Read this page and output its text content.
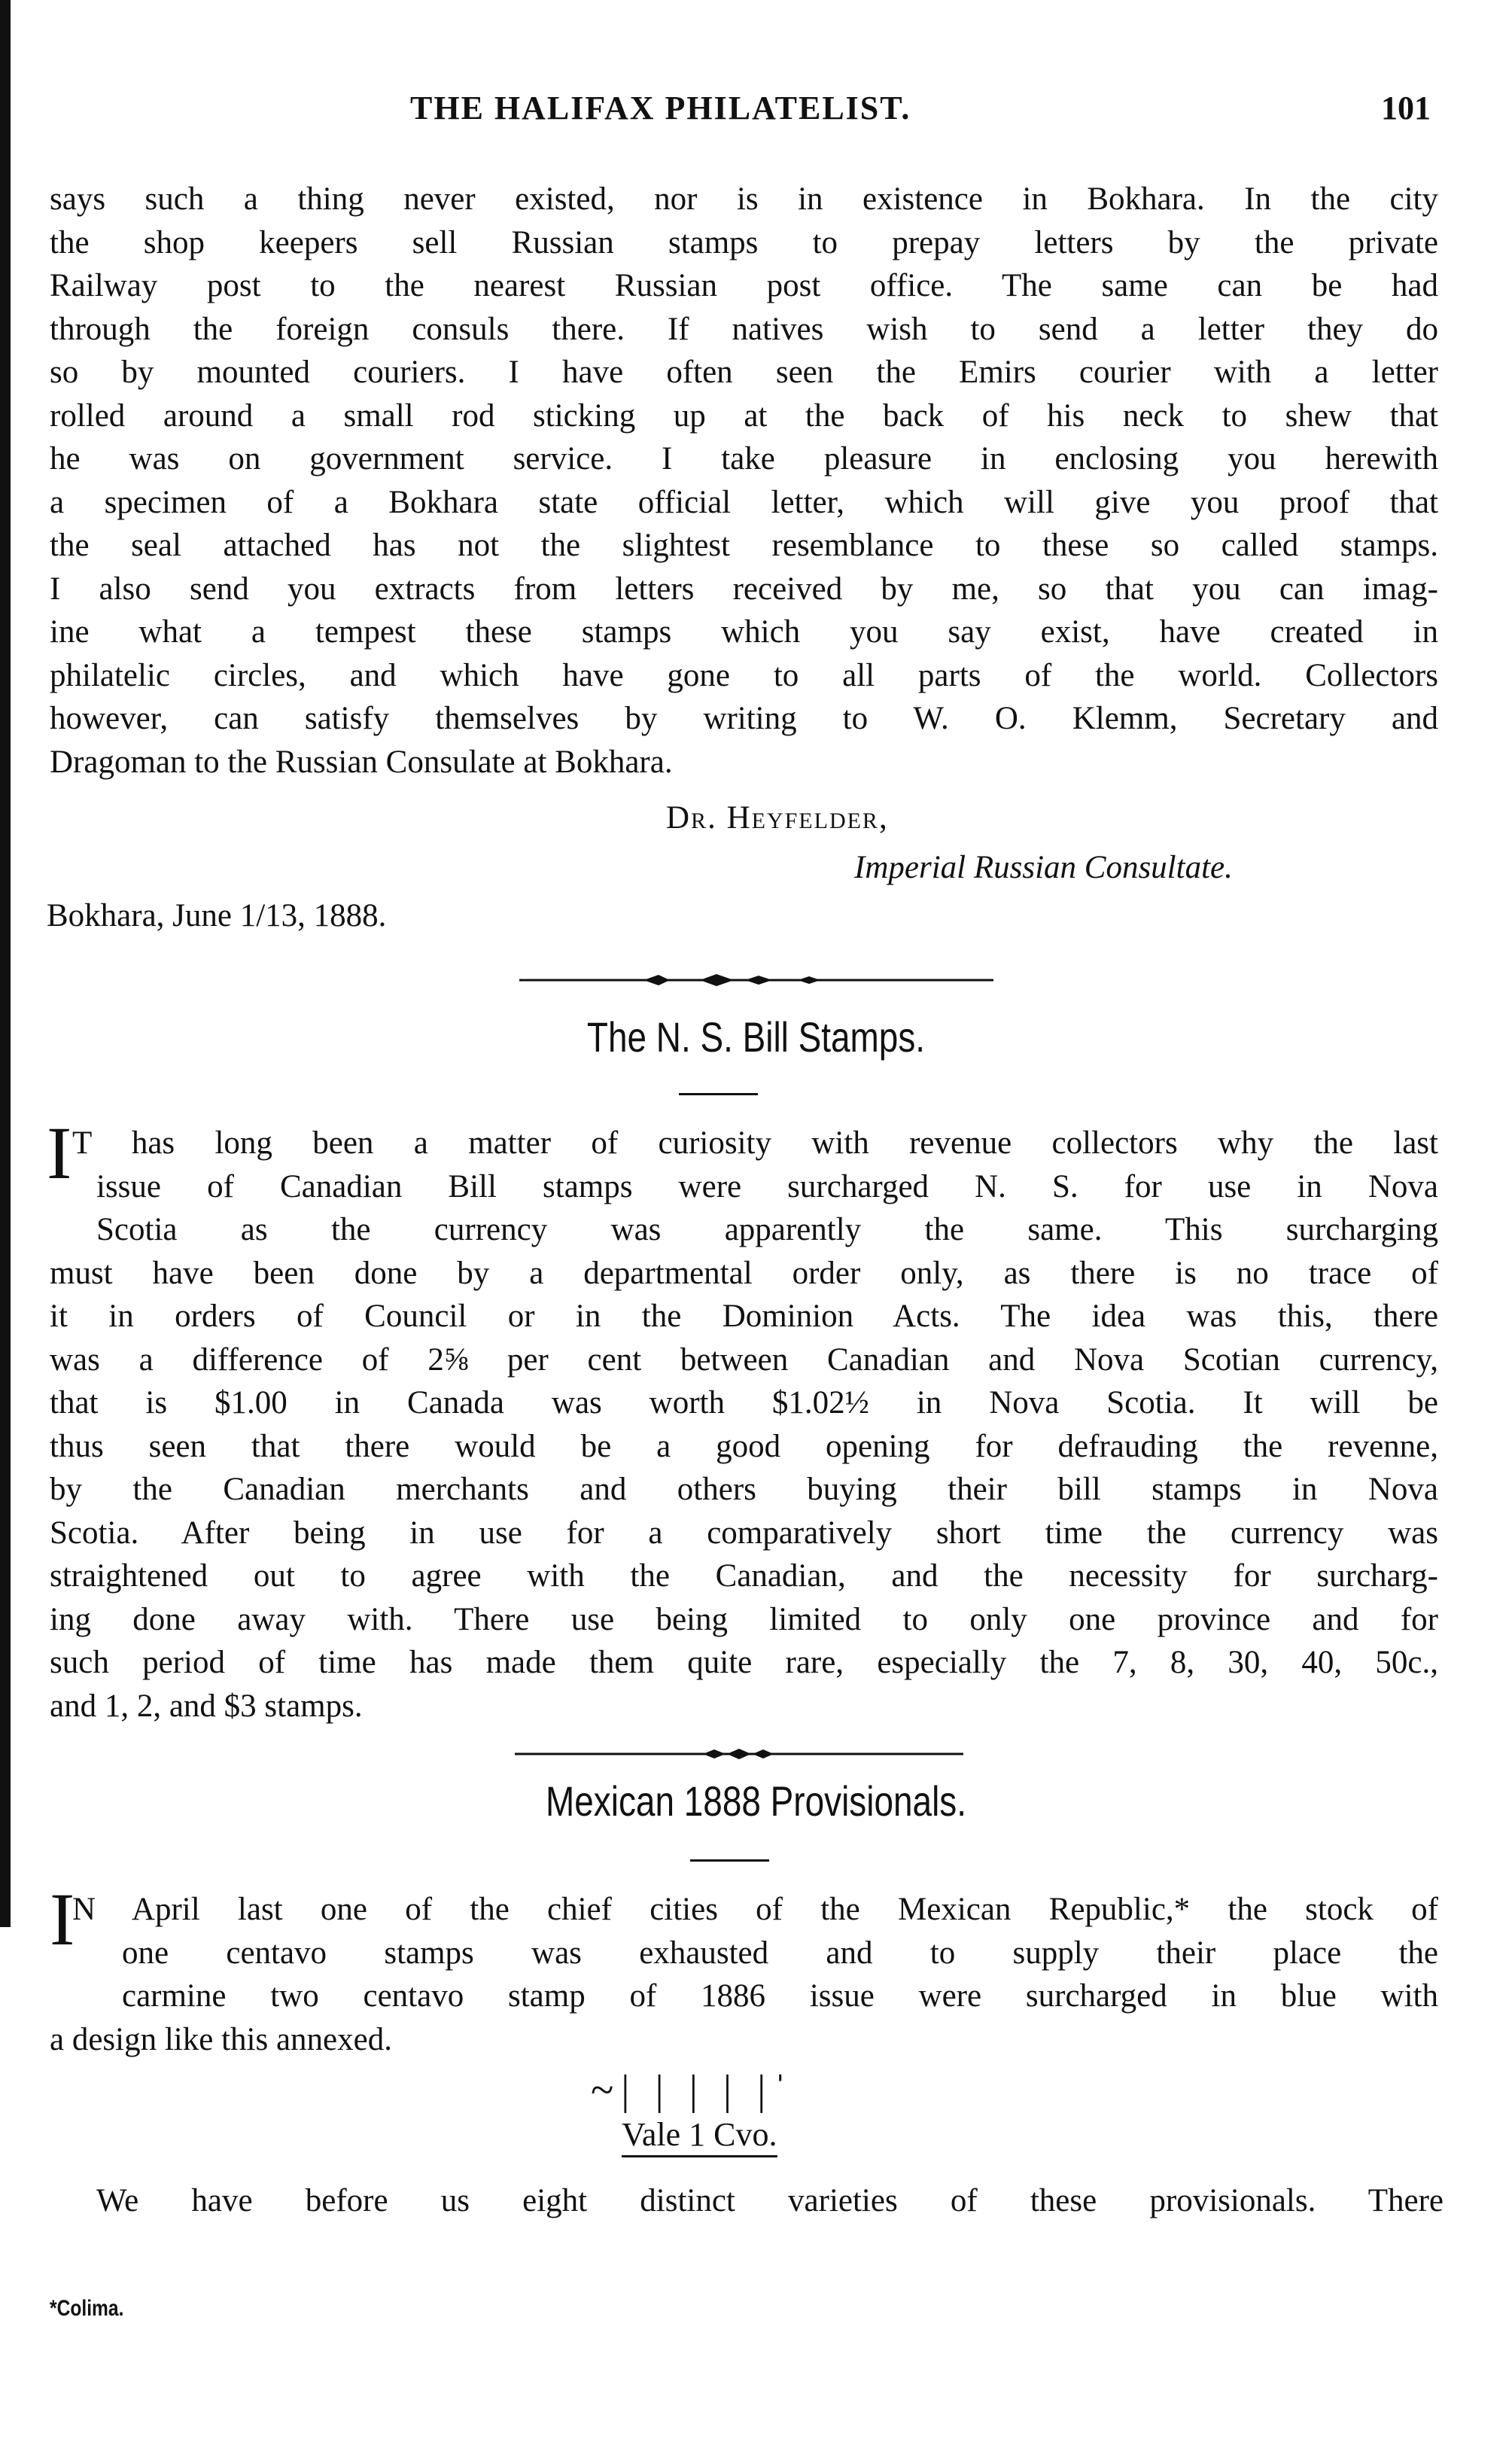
THE HALIFAX PHILATELIST.	101
says such a thing never existed, nor is in existence in Bokhara. In the city
the shop keepers sell Russian stamps to prepay letters by the private
Railway post to the nearest Russian post office. The same can be had
through the foreign consuls there. If natives wish to send a letter they do
so by mounted couriers. I have often seen the Emirs courier with a letter
rolled around a small rod sticking up at the back of his neck to shew that
he was on government service. I take pleasure in enclosing you herewith
a specimen of a Bokhara state official letter, which will give you proof that
the seal attached has not the slightest resemblance to these so called stamps.
I also send you extracts from letters received by me, so that you can imag-
ine what a tempest these stamps which you say exist, have created in
philatelic circles, and which have gone to all parts of the world. Collectors
however, can satisfy themselves by writing to W. O. Klemm, Secretary and
Dragoman to the Russian Consulate at Bokhara.
Dr. Heyfelder,
Imperial Russian Consultate.
Bokhara, June 1/13, 1888.
The N. S. Bill Stamps.
I T has long been a matter of curiosity with revenue collectors why the last
issue of Canadian Bill stamps were surcharged N. S. for use in Nova
Scotia as the currency was apparently the same. This surcharging
must have been done by a departmental order only, as there is no trace of
it in orders of Council or in the Dominion Acts. The idea was this, there
was a difference of 2⅝ per cent between Canadian and Nova Scotian currency,
that is $1.00 in Canada was worth $1.02½ in Nova Scotia. It will be
thus seen that there would be a good opening for defrauding the revenne,
by the Canadian merchants and others buying their bill stamps in Nova
Scotia. After being in use for a comparatively short time the currency was
straightened out to agree with the Canadian, and the necessity for surcharg-
ing done away with. There use being limited to only one province and for
such period of time has made them quite rare, especially the 7, 8, 30, 40, 50c.,
and 1, 2, and $3 stamps.
Mexican 1888 Provisionals.
I
N April last one of the chief cities of the Mexican Republic,* the stock of
one centavo stamps was exhausted and to supply their place the
carmine two centavo stamp of 1886 issue were surcharged in blue with
a design like this annexed.
~| | | | |ˈ
Vale 1 Cvo.
We have before us eight distinct varieties of these provisionals. There
*Colima.
